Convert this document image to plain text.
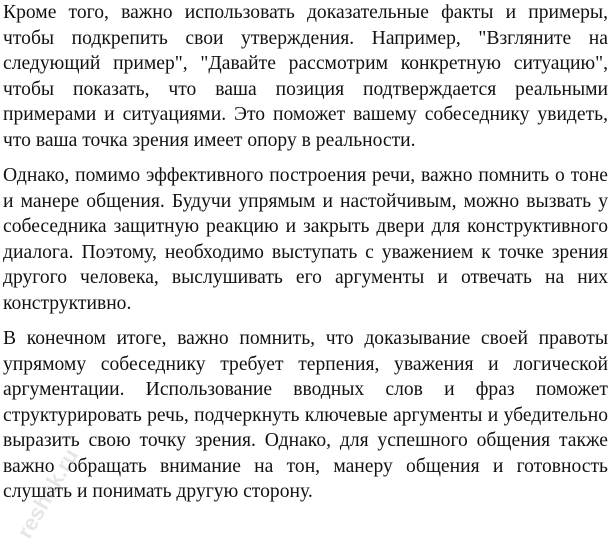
Кроме того, важно использовать доказательные факты и примеры, чтобы подкрепить свои утверждения. Например, "Взгляните на следующий пример", "Давайте рассмотрим конкретную ситуацию", чтобы показать, что ваша позиция подтверждается реальными примерами и ситуациями. Это поможет вашему собеседнику увидеть, что ваша точка зрения имеет опору в реальности.

Однако, помимо эффективного построения речи, важно помнить о тоне и манере общения. Будучи упрямым и настойчивым, можно вызвать у собеседника защитную реакцию и закрыть двери для конструктивного диалога. Поэтому, необходимо выступать с уважением к точке зрения другого человека, выслушивать его аргументы и отвечать на них конструктивно.

В конечном итоге, важно помнить, что доказывание своей правоты упрямому собеседнику требует терпения, уважения и логической аргументации. Использование вводных слов и фраз поможет структурировать речь, подчеркнуть ключевые аргументы и убедительно выразить свою точку зрения. Однако, для успешного общения также важно обращать внимание на тон, манеру общения и готовность слушать и понимать другую сторону.

reshak.ru
